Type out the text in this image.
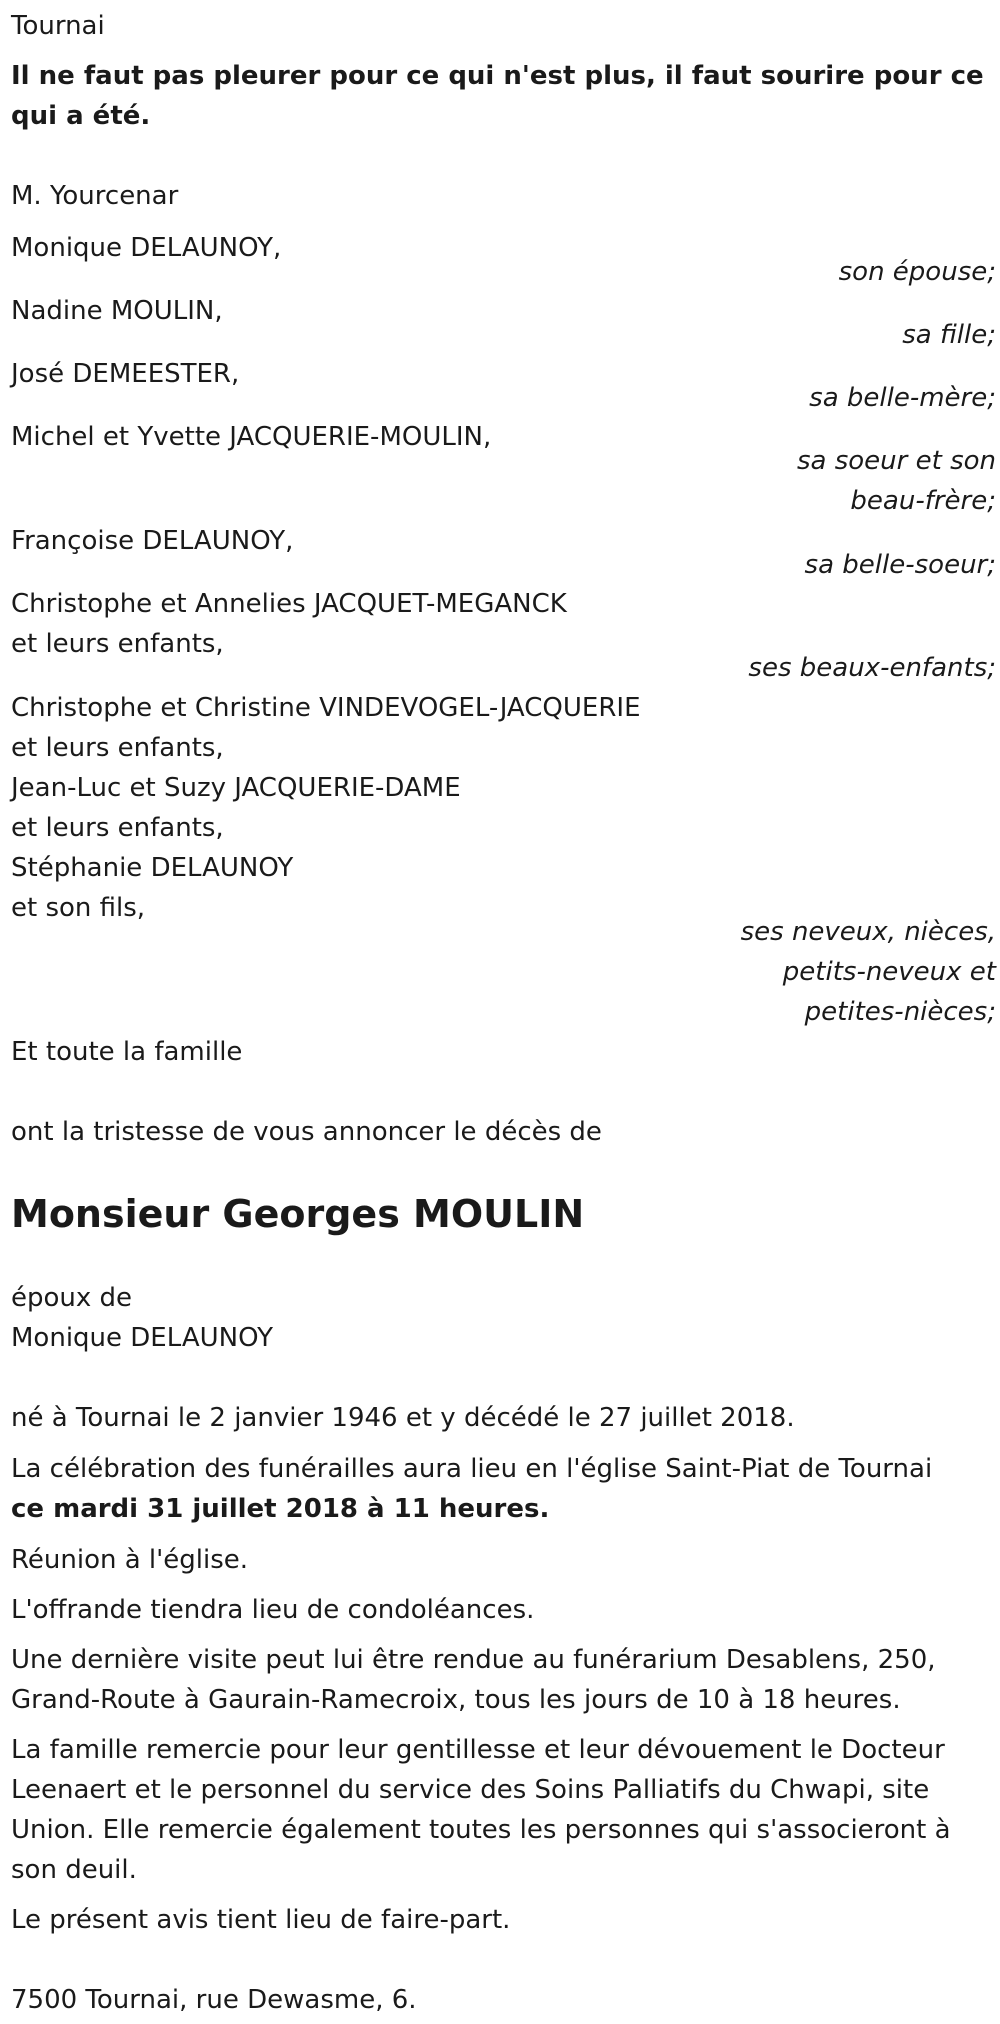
Tournai
Il ne faut pas pleurer pour ce qui n'est plus, il faut sourire pour ce qui a été.
M. Yourcenar
Monique DELAUNOY,
son épouse;
Nadine MOULIN,
sa fille;
José DEMEESTER,
sa belle-mère;
Michel et Yvette JACQUERIE-MOULIN,
sa soeur et son
beau-frère;
Françoise DELAUNOY,
sa belle-soeur;
Christophe et Annelies JACQUET-MEGANCK
et leurs enfants,
ses beaux-enfants;
Christophe et Christine VINDEVOGEL-JACQUERIE
et leurs enfants,
Jean-Luc et Suzy JACQUERIE-DAME
et leurs enfants,
Stéphanie DELAUNOY
et son fils,
ses neveux, nièces,
petits-neveux et
petites-nièces;
Et toute la famille
ont la tristesse de vous annoncer le décès de
Monsieur Georges MOULIN
époux de
Monique DELAUNOY
né à Tournai le 2 janvier 1946 et y décédé le 27 juillet 2018.
La célébration des funérailles aura lieu en l'église Saint-Piat de Tournai
ce mardi 31 juillet 2018 à 11 heures.
Réunion à l'église.
L'offrande tiendra lieu de condoléances.
Une dernière visite peut lui être rendue au funérarium Desablens, 250, Grand-Route à Gaurain-Ramecroix, tous les jours de 10 à 18 heures.
La famille remercie pour leur gentillesse et leur dévouement le Docteur Leenaert et le personnel du service des Soins Palliatifs du Chwapi, site Union. Elle remercie également toutes les personnes qui s'associeront à son deuil.
Le présent avis tient lieu de faire-part.
7500 Tournai, rue Dewasme, 6.
